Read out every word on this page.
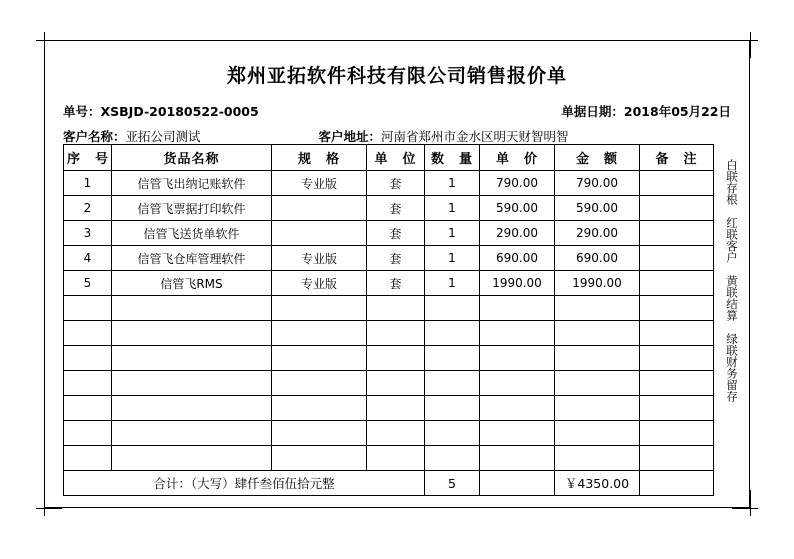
郑州亚拓软件科技有限公司销售报价单
单号： XSBJD-20180522-0005	单据日期： 2018年05月22日
客户名称： 亚拓公司测试	客户地址： 河南省郑州市金水区明天财智明智
序　号	货品名称	规　格	单　位	数　量	单　价	金　额	备　注
1	信管飞出纳记账软件	专业版	套	1	790.00	790.00	
2	信管飞票据打印软件		套	1	590.00	590.00	
3	信管飞送货单软件		套	1	290.00	290.00	
4	信管飞仓库管理软件	专业版	套	1	690.00	690.00	
5	信管飞RMS	专业版	套	1	1990.00	1990.00	

合计：（大写）肆仟叁佰伍拾元整				5		￥4350.00	
白联存根
红联客户
黄联结算
绿联财务留存
